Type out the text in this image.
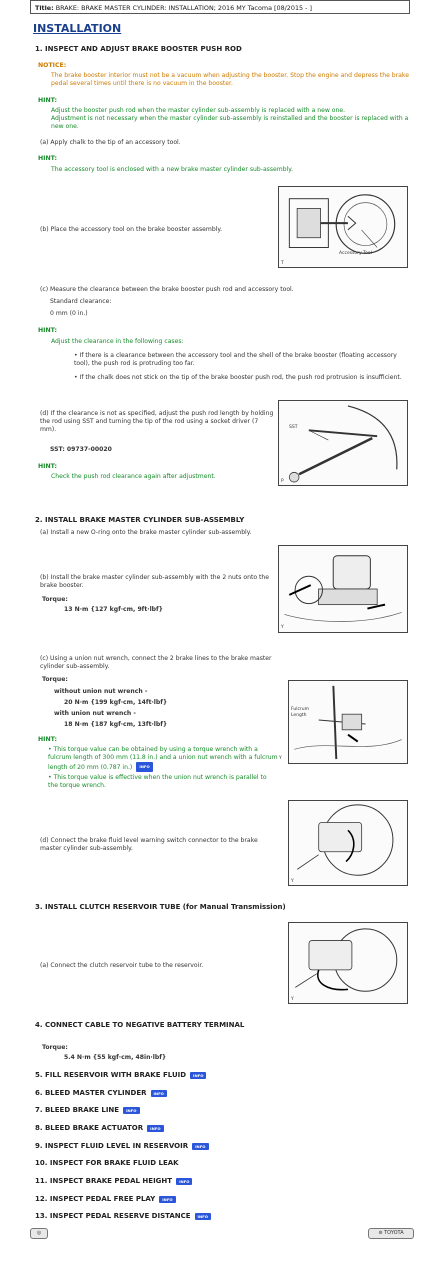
Title: BRAKE: BRAKE MASTER CYLINDER: INSTALLATION; 2016 MY Tacoma [08/2015 - ]
INSTALLATION
1. INSPECT AND ADJUST BRAKE BOOSTER PUSH ROD
NOTICE:
The brake booster interior must not be a vacuum when adjusting the booster. Stop the engine and depress the brake pedal several times until there is no vacuum in the booster.
HINT:
Adjust the booster push rod when the master cylinder sub-assembly is replaced with a new one.
Adjustment is not necessary when the master cylinder sub-assembly is reinstalled and the booster is replaced with a new one.
(a) Apply chalk to the tip of an accessory tool.
HINT:
The accessory tool is enclosed with a new brake master cylinder sub-assembly.
(b) Place the accessory tool on the brake booster assembly.
Accessory Tool
T
(c) Measure the clearance between the brake booster push rod and accessory tool.
Standard clearance:
0 mm (0 in.)
HINT:
Adjust the clearance in the following cases:
• If there is a clearance between the accessory tool and the shell of the brake booster (floating accessory tool), the push rod is protruding too far.
• If the chalk does not stick on the tip of the brake booster push rod, the push rod protrusion is insufficient.
(d) If the clearance is not as specified, adjust the push rod length by holding the rod using SST and turning the tip of the rod using a socket driver (7 mm).
SST: 09737-00020
SST
P
HINT:
Check the push rod clearance again after adjustment.
2. INSTALL BRAKE MASTER CYLINDER SUB-ASSEMBLY
(a) Install a new O-ring onto the brake master cylinder sub-assembly.
(b) Install the brake master cylinder sub-assembly with the 2 nuts onto the brake booster.
Torque:
13 N·m {127 kgf·cm, 9ft·lbf}
Y
(c) Using a union nut wrench, connect the 2 brake lines to the brake master cylinder sub-assembly.
Torque:
without union nut wrench -
20 N·m {199 kgf·cm, 14ft·lbf}
with union nut wrench -
18 N·m {187 kgf·cm, 13ft·lbf}
HINT:
• This torque value can be obtained by using a torque wrench with a fulcrum length of 300 mm (11.8 in.) and a union nut wrench with a fulcrum length of 20 mm (0.787 in.) INFO
• This torque value is effective when the union nut wrench is parallel to the torque wrench.
Fulcrum Length
Y
(d) Connect the brake fluid level warning switch connector to the brake master cylinder sub-assembly.
Y
3. INSTALL CLUTCH RESERVOIR TUBE (for Manual Transmission)
(a) Connect the clutch reservoir tube to the reservoir.
Y
4. CONNECT CABLE TO NEGATIVE BATTERY TERMINAL
Torque:
5.4 N·m {55 kgf·cm, 48in·lbf}
5. FILL RESERVOIR WITH BRAKE FLUID INFO
6. BLEED MASTER CYLINDER INFO
7. BLEED BRAKE LINE INFO
8. BLEED BRAKE ACTUATOR INFO
9. INSPECT FLUID LEVEL IN RESERVOIR INFO
10. INSPECT FOR BRAKE FLUID LEAK
11. INSPECT BRAKE PEDAL HEIGHT INFO
12. INSPECT PEDAL FREE PLAY INFO
13. INSPECT PEDAL RESERVE DISTANCE INFO
◎	⊚ TOYOTA
